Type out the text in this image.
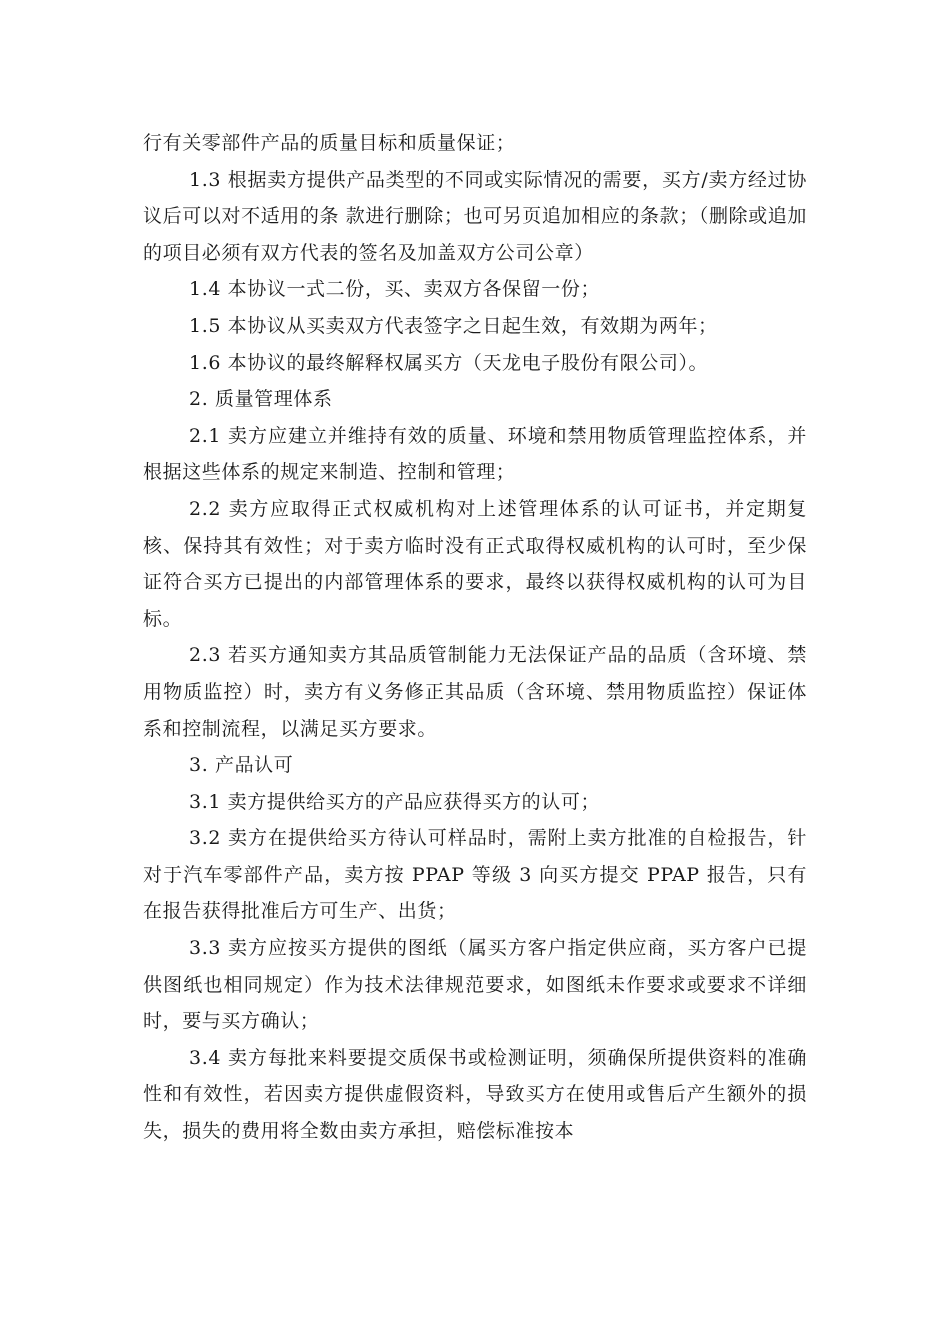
行有关零部件产品的质量目标和质量保证；

1.3 根据卖方提供产品类型的不同或实际情况的需要，买方/卖方经过协议后可以对不适用的条 款进行删除；也可另页追加相应的条款；（删除或追加的项目必须有双方代表的签名及加盖双方公司公章）

1.4 本协议一式二份，买、卖双方各保留一份；

1.5 本协议从买卖双方代表签字之日起生效，有效期为两年；

1.6 本协议的最终解释权属买方（天龙电子股份有限公司）。

2. 质量管理体系

2.1 卖方应建立并维持有效的质量、环境和禁用物质管理监控体系，并根据这些体系的规定来制造、控制和管理；

2.2 卖方应取得正式权威机构对上述管理体系的认可证书，并定期复核、保持其有效性；对于卖方临时没有正式取得权威机构的认可时，至少保证符合买方已提出的内部管理体系的要求，最终以获得权威机构的认可为目标。

2.3 若买方通知卖方其品质管制能力无法保证产品的品质（含环境、禁用物质监控）时，卖方有义务修正其品质（含环境、禁用物质监控）保证体系和控制流程，以满足买方要求。

3. 产品认可

3.1 卖方提供给买方的产品应获得买方的认可；

3.2 卖方在提供给买方待认可样品时，需附上卖方批准的自检报告，针对于汽车零部件产品，卖方按 PPAP 等级 3 向买方提交 PPAP 报告，只有在报告获得批准后方可生产、出货；

3.3 卖方应按买方提供的图纸（属买方客户指定供应商，买方客户已提供图纸也相同规定）作为技术法律规范要求，如图纸未作要求或要求不详细时，要与买方确认；

3.4 卖方每批来料要提交质保书或检测证明，须确保所提供资料的准确性和有效性，若因卖方提供虚假资料，导致买方在使用或售后产生额外的损失，损失的费用将全数由卖方承担，赔偿标准按本
